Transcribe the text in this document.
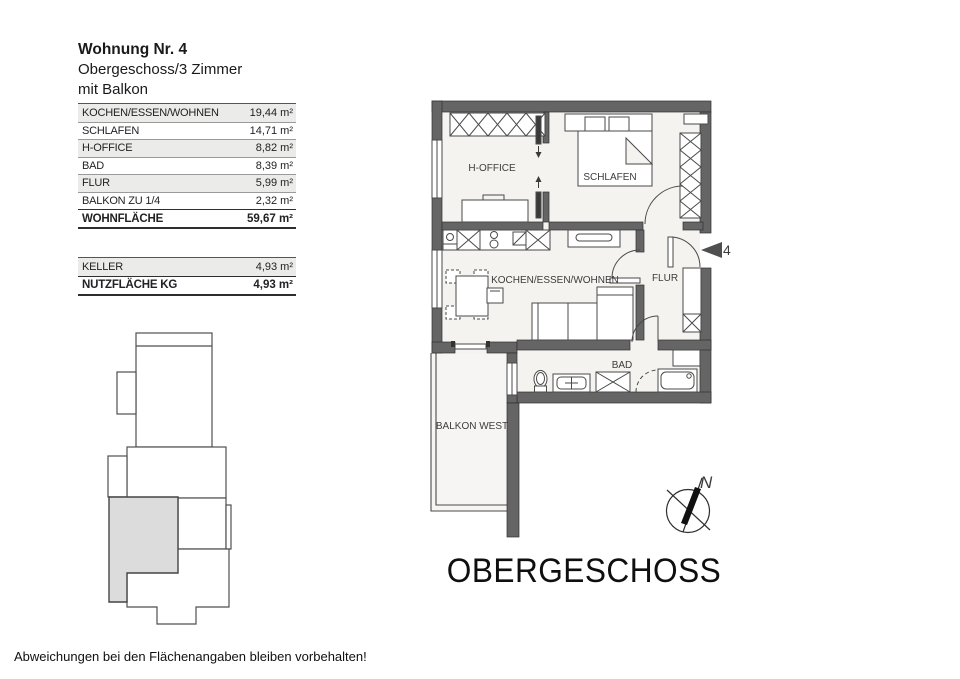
Wohnung Nr. 4
Obergeschoss/3 Zimmer
mit Balkon
KOCHEN/ESSEN/WOHNEN	19,44 m²
SCHLAFEN	14,71 m²
H-OFFICE	8,82 m²
BAD	8,39 m²
FLUR	5,99 m²
BALKON ZU 1/4	2,32 m²
WOHNFLÄCHE	59,67 m²
KELLER	4,93 m²
NUTZFLÄCHE KG	4,93 m²
H-OFFICE
SCHLAFEN
KOCHEN/ESSEN/WOHNEN	FLUR
BAD
BALKON WEST
4
N
OBERGESCHOSS
Abweichungen bei den Flächenangaben bleiben vorbehalten!
